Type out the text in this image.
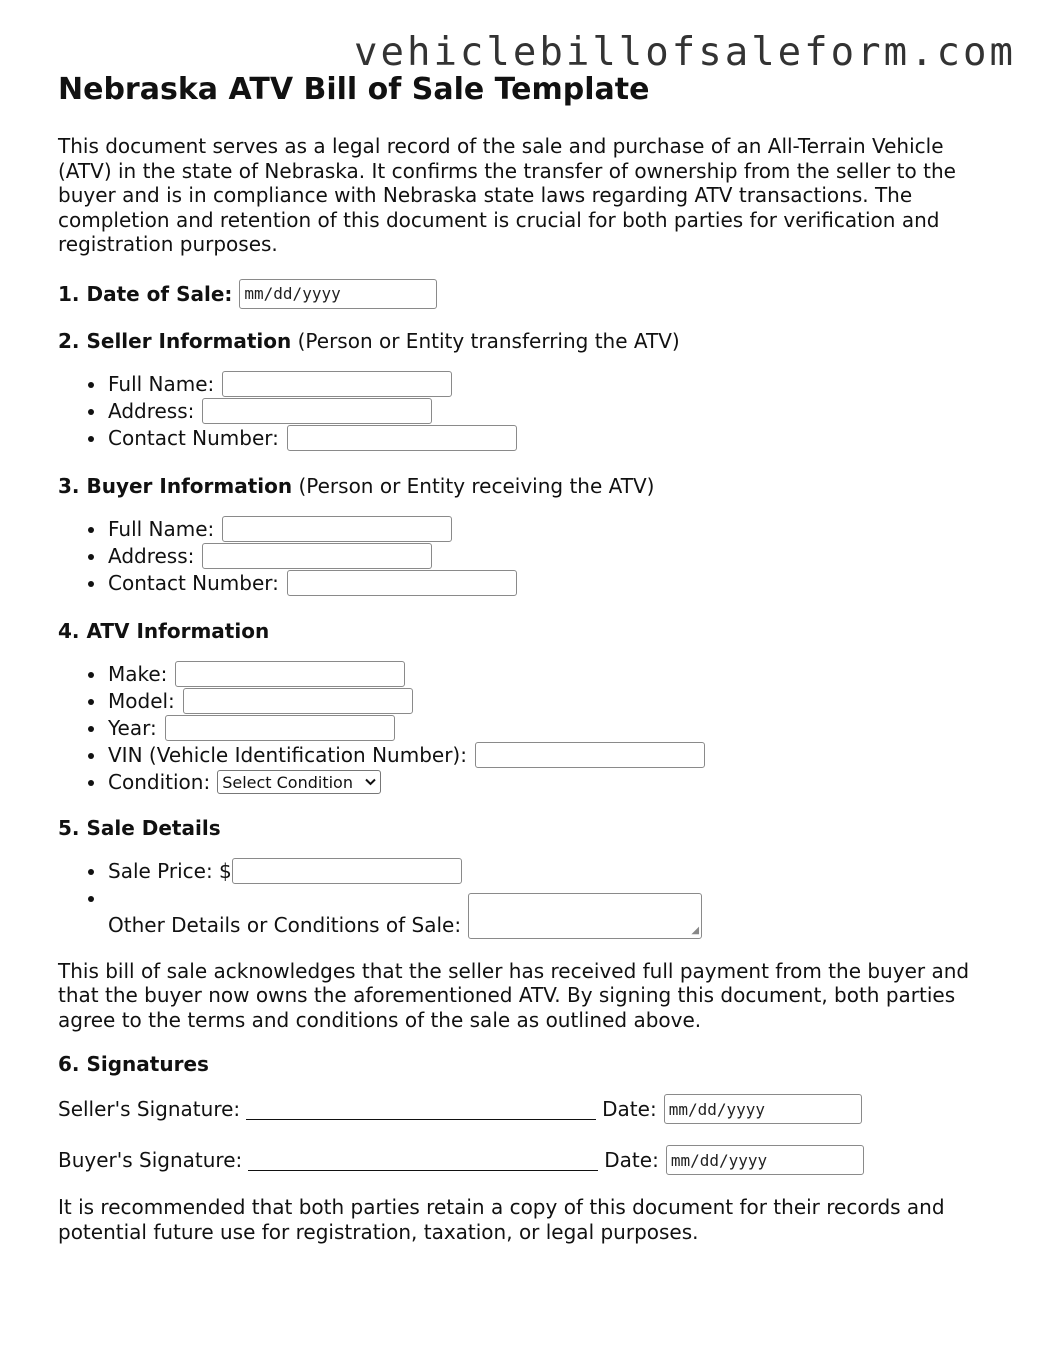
vehiclebillofsaleform.com
Nebraska ATV Bill of Sale Template

This document serves as a legal record of the sale and purchase of an All-Terrain Vehicle (ATV) in the state of Nebraska. It confirms the transfer of ownership from the seller to the buyer and is in compliance with Nebraska state laws regarding ATV transactions. The completion and retention of this document is crucial for both parties for verification and registration purposes.

1. Date of Sale: mm/dd/yyyy
2. Seller Information (Person or Entity transferring the ATV)
Full Name:
Address:
Contact Number:
3. Buyer Information (Person or Entity receiving the ATV)
Full Name:
Address:
Contact Number:
4. ATV Information
Make:
Model:
Year:
VIN (Vehicle Identification Number):
Condition: Select Condition
5. Sale Details
Sale Price: $
Other Details or Conditions of Sale:	◢

This bill of sale acknowledges that the seller has received full payment from the buyer and that the buyer now owns the aforementioned ATV. By signing this document, both parties agree to the terms and conditions of the sale as outlined above.

6. Signatures
Seller's Signature:	Date: mm/dd/yyyy
Buyer's Signature:	Date: mm/dd/yyyy

It is recommended that both parties retain a copy of this document for their records and potential future use for registration, taxation, or legal purposes.
